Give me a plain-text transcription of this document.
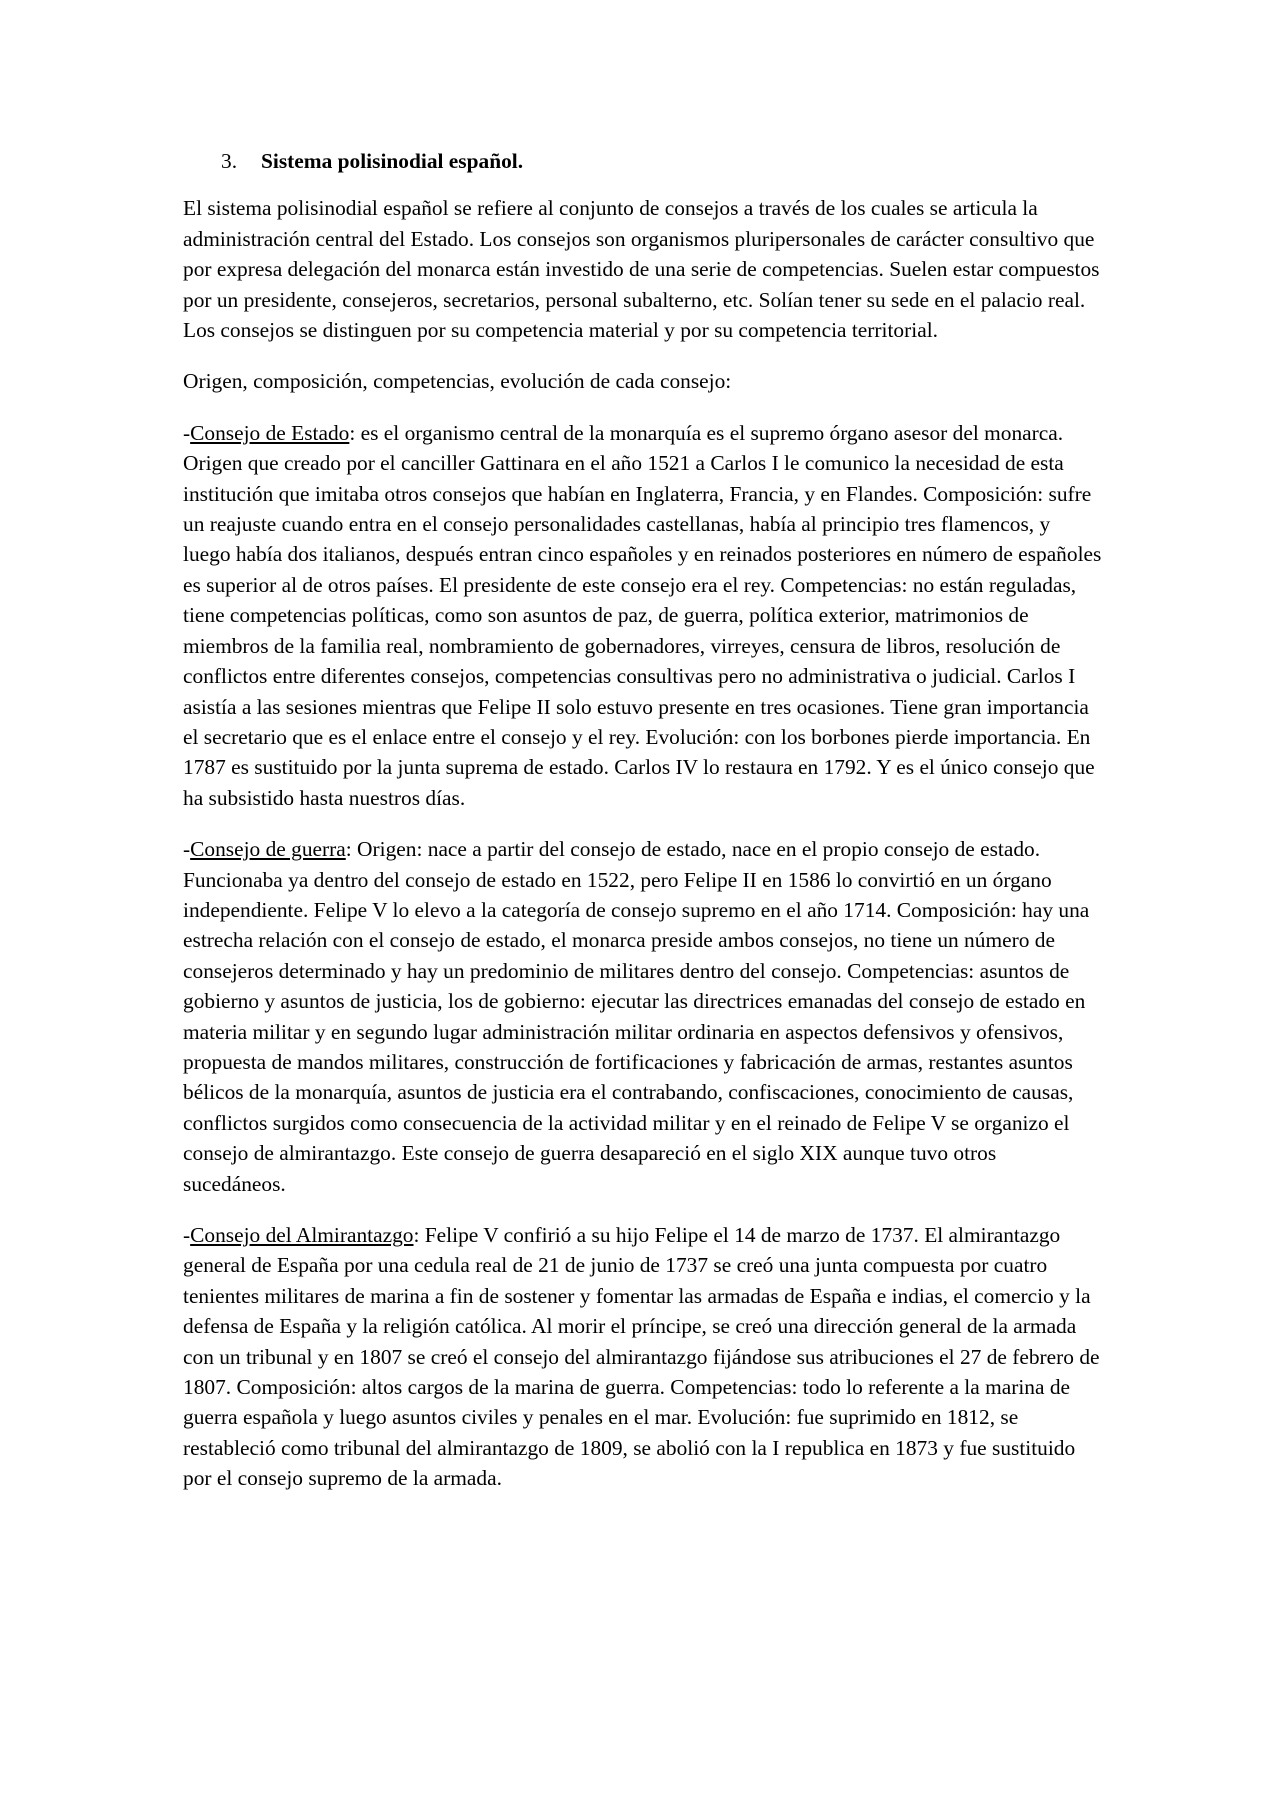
3.	Sistema polisinodial español.

El sistema polisinodial español se refiere al conjunto de consejos a través de los cuales se articula la administración central del Estado. Los consejos son organismos pluripersonales de carácter consultivo que por expresa delegación del monarca están investido de una serie de competencias. Suelen estar compuestos por un presidente, consejeros, secretarios, personal subalterno, etc. Solían tener su sede en el palacio real. Los consejos se distinguen por su competencia material y por su competencia territorial.

Origen, composición, competencias, evolución de cada consejo:

-Consejo de Estado: es el organismo central de la monarquía es el supremo órgano asesor del monarca. Origen que creado por el canciller Gattinara en el año 1521 a Carlos I le comunico la necesidad de esta institución que imitaba otros consejos que habían en Inglaterra, Francia, y en Flandes. Composición: sufre un reajuste cuando entra en el consejo personalidades castellanas, había al principio tres flamencos, y luego había dos italianos, después entran cinco españoles y en reinados posteriores en número de españoles es superior al de otros países. El presidente de este consejo era el rey. Competencias: no están reguladas, tiene competencias políticas, como son asuntos de paz, de guerra, política exterior, matrimonios de miembros de la familia real, nombramiento de gobernadores, virreyes, censura de libros, resolución de conflictos entre diferentes consejos, competencias consultivas pero no administrativa o judicial. Carlos I asistía a las sesiones mientras que Felipe II solo estuvo presente en tres ocasiones. Tiene gran importancia el secretario que es el enlace entre el consejo y el rey. Evolución: con los borbones pierde importancia. En 1787 es sustituido por la junta suprema de estado. Carlos IV lo restaura en 1792. Y es el único consejo que ha subsistido hasta nuestros días.

-Consejo de guerra: Origen: nace a partir del consejo de estado, nace en el propio consejo de estado. Funcionaba ya dentro del consejo de estado en 1522, pero Felipe II en 1586 lo convirtió en un órgano independiente. Felipe V lo elevo a la categoría de consejo supremo en el año 1714. Composición: hay una estrecha relación con el consejo de estado, el monarca preside ambos consejos, no tiene un número de consejeros determinado y hay un predominio de militares dentro del consejo. Competencias: asuntos de gobierno y asuntos de justicia, los de gobierno: ejecutar las directrices emanadas del consejo de estado en materia militar y en segundo lugar administración militar ordinaria en aspectos defensivos y ofensivos, propuesta de mandos militares, construcción de fortificaciones y fabricación de armas, restantes asuntos bélicos de la monarquía, asuntos de justicia era el contrabando, confiscaciones, conocimiento de causas, conflictos surgidos como consecuencia de la actividad militar y en el reinado de Felipe V se organizo el consejo de almirantazgo. Este consejo de guerra desapareció en el siglo XIX aunque tuvo otros sucedáneos.

-Consejo del Almirantazgo: Felipe V confirió a su hijo Felipe el 14 de marzo de 1737. El almirantazgo general de España por una cedula real de 21 de junio de 1737 se creó una junta compuesta por cuatro tenientes militares de marina a fin de sostener y fomentar las armadas de España e indias, el comercio y la defensa de España y la religión católica. Al morir el príncipe, se creó una dirección general de la armada con un tribunal y en 1807 se creó el consejo del almirantazgo fijándose sus atribuciones el 27 de febrero de 1807. Composición: altos cargos de la marina de guerra. Competencias: todo lo referente a la marina de guerra española y luego asuntos civiles y penales en el mar. Evolución: fue suprimido en 1812, se restableció como tribunal del almirantazgo de 1809, se abolió con la I republica en 1873 y fue sustituido por el consejo supremo de la armada.
